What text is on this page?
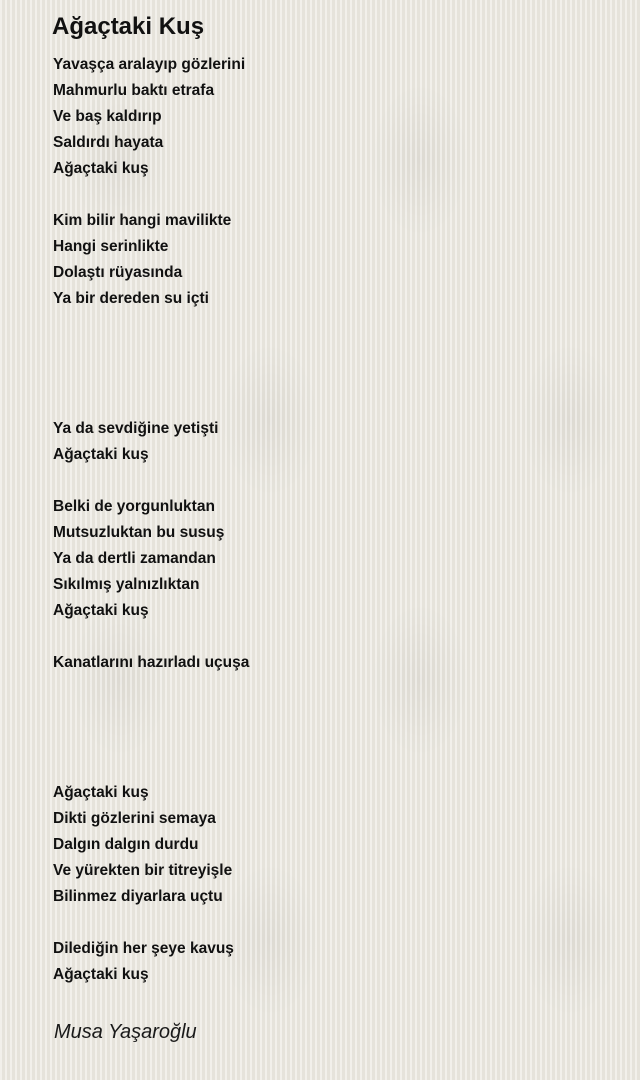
Ağaçtaki Kuş
Yavaşça aralayıp gözlerini
Mahmurlu baktı etrafa
Ve baş kaldırıp
Saldırdı hayata
Ağaçtaki kuş
Kim bilir hangi mavilikte
Hangi serinlikte
Dolaştı rüyasında
Ya bir dereden su içti
Ya da sevdiğine yetişti
Ağaçtaki kuş
Belki de yorgunluktan
Mutsuzluktan bu susuş
Ya da dertli zamandan
Sıkılmış yalnızlıktan
Ağaçtaki kuş
Kanatlarını hazırladı uçuşa
Ağaçtaki kuş
Dikti gözlerini semaya
Dalgın dalgın durdu
Ve yürekten bir titreyişle
Bilinmez diyarlara uçtu
Dilediğin her şeye kavuş
Ağaçtaki kuş
Musa Yaşaroğlu
